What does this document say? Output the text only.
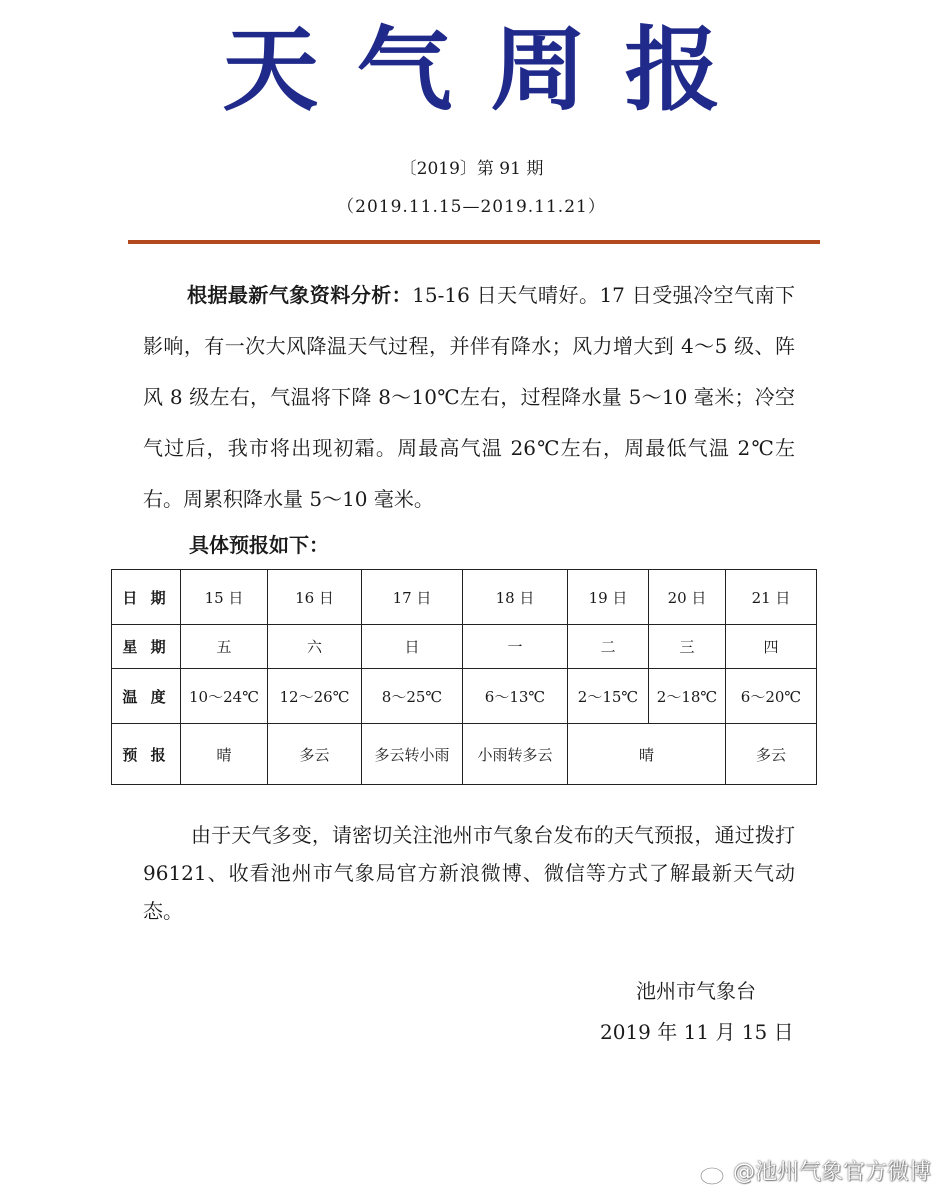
天气周报
〔2019〕第 91 期
（2019.11.15—2019.11.21）
根据最新气象资料分析：15-16 日天气晴好。17 日受强冷空气南下影响，有一次大风降温天气过程，并伴有降水；风力增大到 4～5 级、阵风 8 级左右，气温将下降 8～10℃左右，过程降水量 5～10 毫米；冷空气过后，我市将出现初霜。周最高气温 26℃左右，周最低气温 2℃左右。周累积降水量 5～10 毫米。
具体预报如下：
日 期	15 日	16 日	17 日	18 日	19 日	20 日	21 日
星 期	五	六	日	一	二	三	四
温 度	10～24℃	12～26℃	8～25℃	6～13℃	2～15℃	2～18℃	6～20℃
预 报	晴	多云	多云转小雨	小雨转多云	晴		多云
由于天气多变，请密切关注池州市气象台发布的天气预报，通过拨打96121、收看池州市气象局官方新浪微博、微信等方式了解最新天气动态。
池州市气象台
2019 年 11 月 15 日
@池州气象官方微博
